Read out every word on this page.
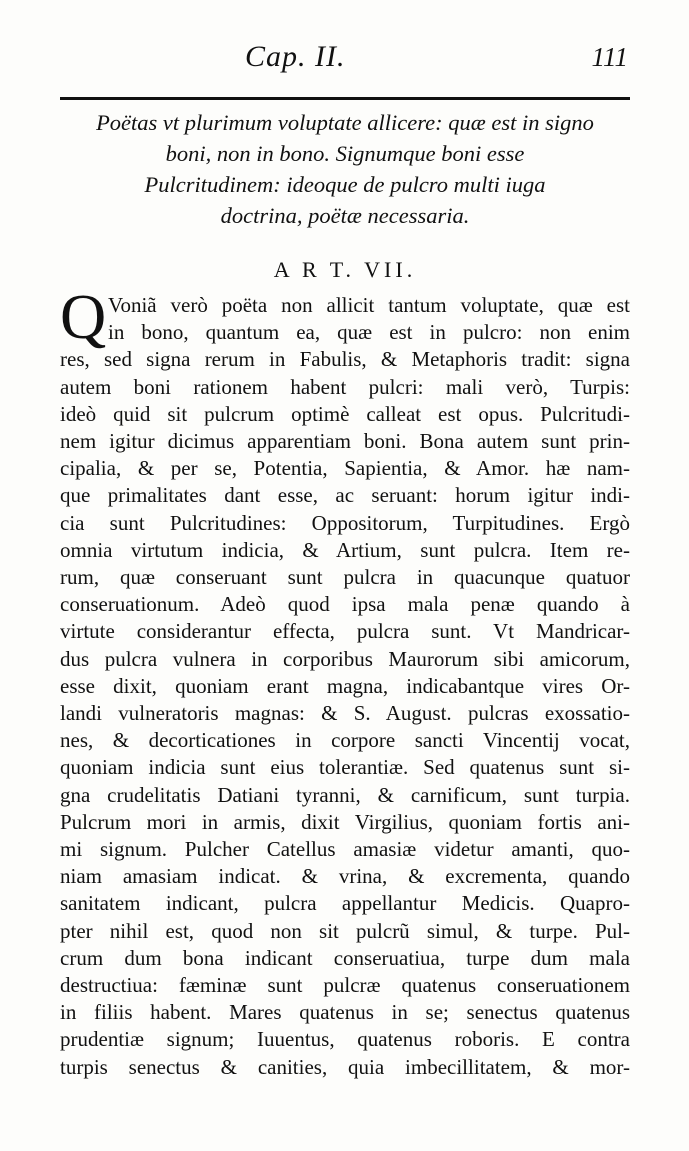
Cap. II.	111
Poëtas vt plurimum voluptate allicere: quæ est in signo
boni, non in bono. Signumque boni esse
Pulcritudinem: ideoque de pulcro multi iuga
doctrina, poëtæ necessaria.
A R T. VII.
Q Voniã verò poëta non allicit tantum voluptate, quæ est
in bono, quantum ea, quæ est in pulcro: non enim
res, sed signa rerum in Fabulis, & Metaphoris tradit: signa
autem boni rationem habent pulcri: mali verò, Turpis:
ideò quid sit pulcrum optimè calleat est opus. Pulcritudi-
nem igitur dicimus apparentiam boni. Bona autem sunt prin-
cipalia, & per se, Potentia, Sapientia, & Amor. hæ nam-
que primalitates dant esse, ac seruant: horum igitur indi-
cia sunt Pulcritudines: Oppositorum, Turpitudines. Ergò
omnia virtutum indicia, & Artium, sunt pulcra. Item re-
rum, quæ conseruant sunt pulcra in quacunque quatuor
conseruationum. Adeò quod ipsa mala penæ quando à
virtute considerantur effecta, pulcra sunt. Vt Mandricar-
dus pulcra vulnera in corporibus Maurorum sibi amicorum,
esse dixit, quoniam erant magna, indicabantque vires Or-
landi vulneratoris magnas: & S. August. pulcras exossatio-
nes, & decorticationes in corpore sancti Vincentij vocat,
quoniam indicia sunt eius tolerantiæ. Sed quatenus sunt si-
gna crudelitatis Datiani tyranni, & carnificum, sunt turpia.
Pulcrum mori in armis, dixit Virgilius, quoniam fortis ani-
mi signum. Pulcher Catellus amasiæ videtur amanti, quo-
niam amasiam indicat. & vrina, & excrementa, quando
sanitatem indicant, pulcra appellantur Medicis. Quapro-
pter nihil est, quod non sit pulcrũ simul, & turpe. Pul-
crum dum bona indicant conseruatiua, turpe dum mala
destructiua: fæminæ sunt pulcræ quatenus conseruationem
in filiis habent. Mares quatenus in se; senectus quatenus
prudentiæ signum; Iuuentus, quatenus roboris. E contra
turpis senectus & canities, quia imbecillitatem, & mor-
